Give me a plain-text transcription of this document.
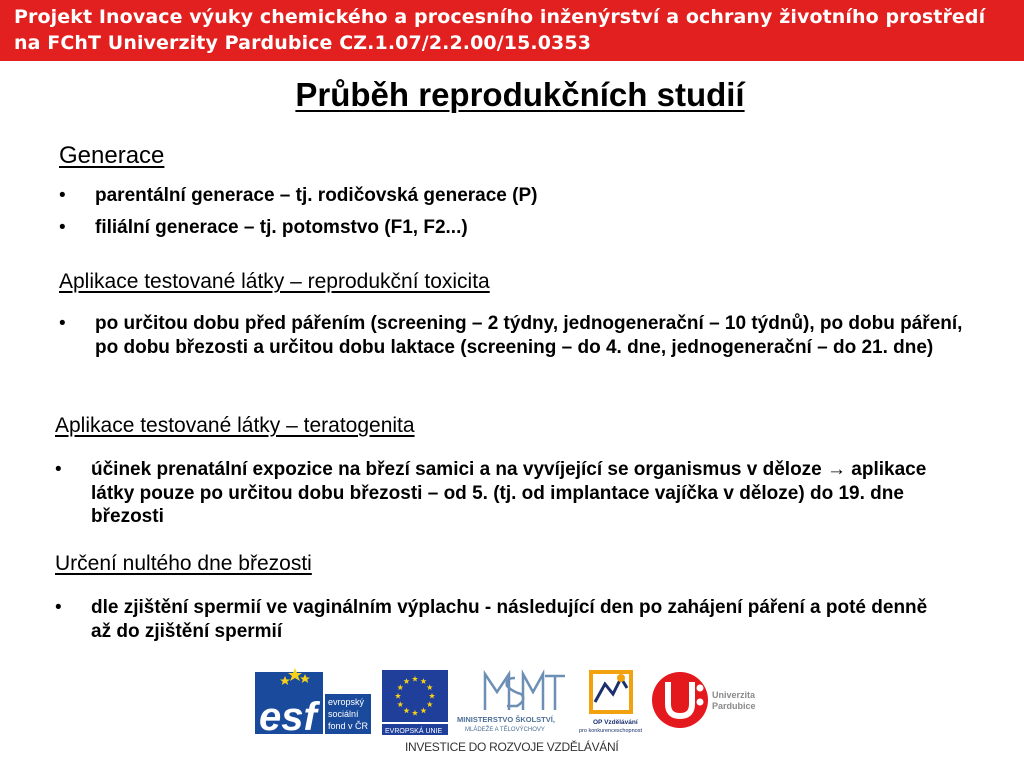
Projekt Inovace výuky chemického a procesního inženýrství a ochrany životního prostředí
na FChT Univerzity Pardubice CZ.1.07/2.2.00/15.0353
Průběh reprodukčních studií
Generace
• parentální generace – tj. rodičovská generace (P)
• filiální generace – tj. potomstvo (F1, F2...)
Aplikace testované látky – reprodukční toxicita
• po určitou dobu před pářením (screening – 2 týdny, jednogenerační – 10 týdnů), po dobu páření, po dobu březosti a určitou dobu laktace (screening – do 4. dne, jednogenerační – do 21. dne)
Aplikace testované látky – teratogenita
• účinek prenatální expozice na březí samici a na vyvíjející se organismus v děloze → aplikace látky pouze po určitou dobu březosti – od 5. (tj. od implantace vajíčka v děloze) do 19. dne březosti
Určení nultého dne březosti
• dle zjištění spermií ve vaginálním výplachu - následující den po zahájení páření a poté denně až do zjištění spermií
esf	evropský
sociální
fond v ČR
EVROPSKÁ UNIE
MINISTERSTVO ŠKOLSTVÍ,
MLÁDEŽE A TĚLOVÝCHOVY
OP Vzdělávání
pro konkurenceschopnost
Univerzita
Pardubice
INVESTICE DO ROZVOJE VZDĚLÁVÁNÍ
